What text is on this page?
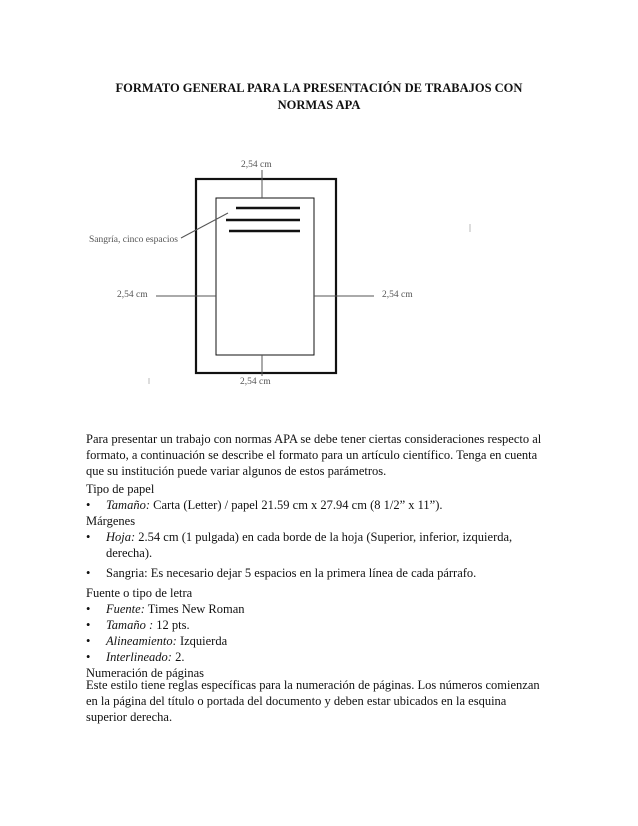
FORMATO GENERAL PARA LA PRESENTACIÓN DE TRABAJOS CON
NORMAS APA
2,54 cm
Sangría, cinco espacios
2,54 cm	2,54 cm
2,54 cm
Para presentar un trabajo con normas APA se debe tener ciertas consideraciones respecto al
formato, a continuación se describe el formato para un artículo científico. Tenga en cuenta
que su institución puede variar algunos de estos parámetros.
Tipo de papel
• Tamaño: Carta (Letter) / papel 21.59 cm x 27.94 cm (8 1/2” x 11”).
Márgenes
• Hoja: 2.54 cm (1 pulgada) en cada borde de la hoja (Superior, inferior, izquierda,
derecha).
• Sangria: Es necesario dejar 5 espacios en la primera línea de cada párrafo.
Fuente o tipo de letra
• Fuente: Times New Roman
• Tamaño : 12 pts.
• Alineamiento: Izquierda
• Interlineado: 2.
Numeración de páginas
Este estilo tiene reglas específicas para la numeración de páginas. Los números comienzan
en la página del título o portada del documento y deben estar ubicados en la esquina
superior derecha.
